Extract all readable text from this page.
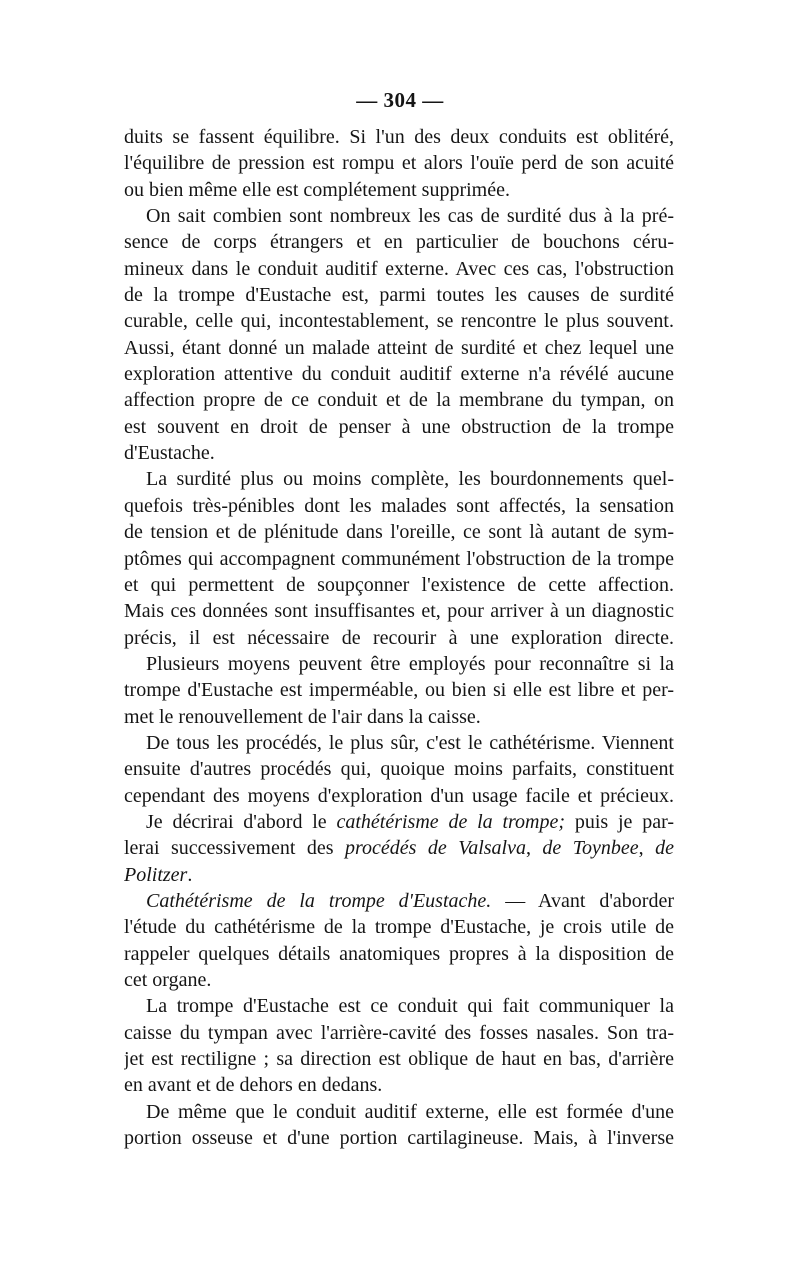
— 304 —
duits se fassent équilibre. Si l'un des deux conduits est oblitéré,
l'équilibre de pression est rompu et alors l'ouïe perd de son acuité
ou bien même elle est complétement supprimée.
On sait combien sont nombreux les cas de surdité dus à la pré-
sence de corps étrangers et en particulier de bouchons céru-
mineux dans le conduit auditif externe. Avec ces cas, l'obstruction
de la trompe d'Eustache est, parmi toutes les causes de surdité
curable, celle qui, incontestablement, se rencontre le plus souvent.
Aussi, étant donné un malade atteint de surdité et chez lequel une
exploration attentive du conduit auditif externe n'a révélé aucune
affection propre de ce conduit et de la membrane du tympan, on
est souvent en droit de penser à une obstruction de la trompe
d'Eustache.
La surdité plus ou moins complète, les bourdonnements quel-
quefois très-pénibles dont les malades sont affectés, la sensation
de tension et de plénitude dans l'oreille, ce sont là autant de sym-
ptômes qui accompagnent communément l'obstruction de la trompe
et qui permettent de soupçonner l'existence de cette affection.
Mais ces données sont insuffisantes et, pour arriver à un diagnostic
précis, il est nécessaire de recourir à une exploration directe.
Plusieurs moyens peuvent être employés pour reconnaître si la
trompe d'Eustache est imperméable, ou bien si elle est libre et per-
met le renouvellement de l'air dans la caisse.
De tous les procédés, le plus sûr, c'est le cathétérisme. Viennent
ensuite d'autres procédés qui, quoique moins parfaits, constituent
cependant des moyens d'exploration d'un usage facile et précieux.
Je décrirai d'abord le cathétérisme de la trompe; puis je par-
lerai successivement des procédés de Valsalva, de Toynbee, de
Politzer.
Cathétérisme de la trompe d'Eustache. — Avant d'aborder
l'étude du cathétérisme de la trompe d'Eustache, je crois utile de
rappeler quelques détails anatomiques propres à la disposition de
cet organe.
La trompe d'Eustache est ce conduit qui fait communiquer la
caisse du tympan avec l'arrière-cavité des fosses nasales. Son tra-
jet est rectiligne ; sa direction est oblique de haut en bas, d'arrière
en avant et de dehors en dedans.
De même que le conduit auditif externe, elle est formée d'une
portion osseuse et d'une portion cartilagineuse. Mais, à l'inverse
